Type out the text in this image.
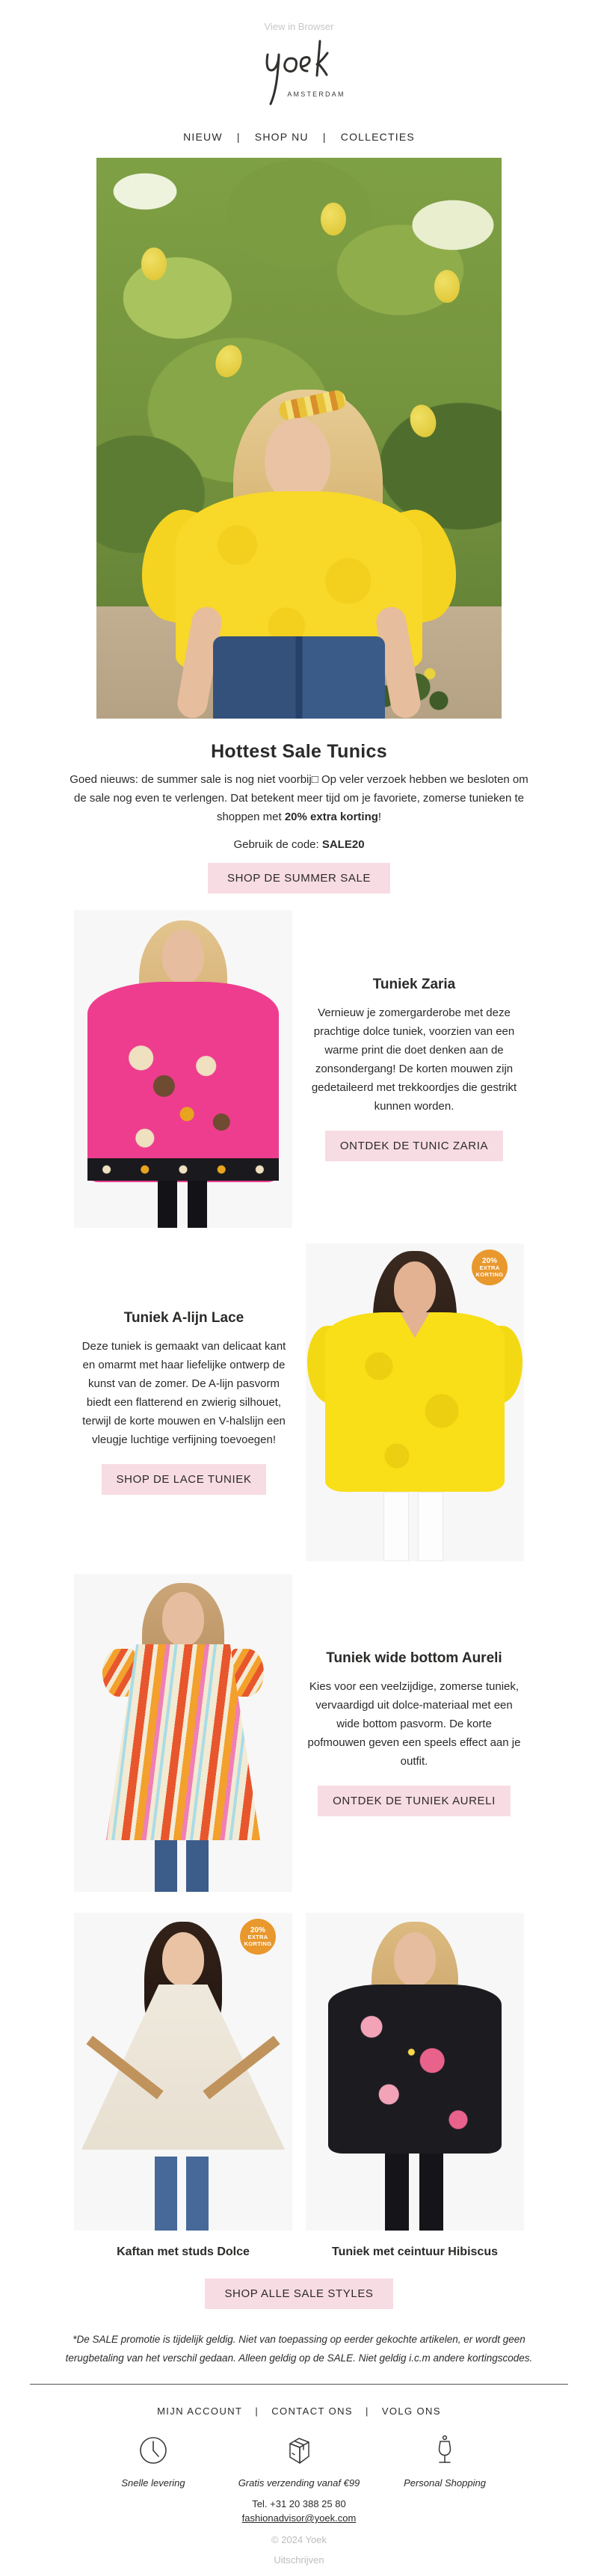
View in Browser
AMSTERDAM
NIEUW | SHOP NU | COLLECTIES
Hottest Sale Tunics
Goed nieuws: de summer sale is nog niet voorbij□ Op veler verzoek hebben we besloten om de sale nog even te verlengen. Dat betekent meer tijd om je favoriete, zomerse tunieken te shoppen met 20% extra korting!
Gebruik de code: SALE20
SHOP DE SUMMER SALE
Tuniek Zaria
Vernieuw je zomergarderobe met deze prachtige dolce tuniek, voorzien van een warme print die doet denken aan de zonsondergang! De korten mouwen zijn gedetaileerd met trekkoordjes die gestrikt kunnen worden.
ONTDEK DE TUNIC ZARIA
Tuniek A-lijn Lace
Deze tuniek is gemaakt van delicaat kant en omarmt met haar liefelijke ontwerp de kunst van de zomer. De A-lijn pasvorm biedt een flatterend en zwierig silhouet, terwijl de korte mouwen en V-halslijn een vleugje luchtige verfijning toevoegen!
SHOP DE LACE TUNIEK
20%
EXTRA
KORTING
Tuniek wide bottom Aureli
Kies voor een veelzijdige, zomerse tuniek, vervaardigd uit dolce-materiaal met een wide bottom pasvorm. De korte pofmouwen geven een speels effect aan je outfit.
ONTDEK DE TUNIEK AURELI
20%
EXTRA
KORTING
Kaftan met studs Dolce	Tuniek met ceintuur Hibiscus
SHOP ALLE SALE STYLES
*De SALE promotie is tijdelijk geldig. Niet van toepassing op eerder gekochte artikelen, er wordt geen terugbetaling van het verschil gedaan. Alleen geldig op de SALE. Niet geldig i.c.m andere kortingscodes.
MIJN ACCOUNT | CONTACT ONS | VOLG ONS
Snelle levering	Gratis verzending vanaf €99	Personal Shopping
Tel. +31 20 388 25 80
fashionadvisor@yoek.com
© 2024 Yoek
Uitschrijven
